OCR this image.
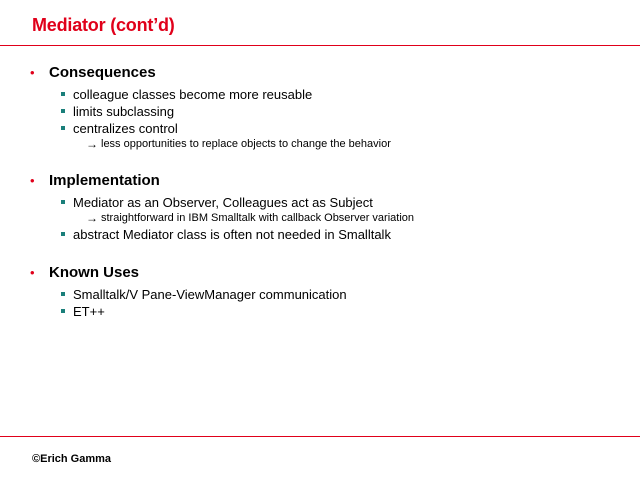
Mediator (cont’d)
• Consequences
colleague classes become more reusable
limits subclassing
centralizes control
→ less opportunities to replace objects to change the behavior
• Implementation
Mediator as an Observer, Colleagues act as Subject
→ straightforward in IBM Smalltalk with callback Observer variation
abstract Mediator class is often not needed in Smalltalk
• Known Uses
Smalltalk/V Pane-ViewManager communication
ET++
©Erich Gamma
